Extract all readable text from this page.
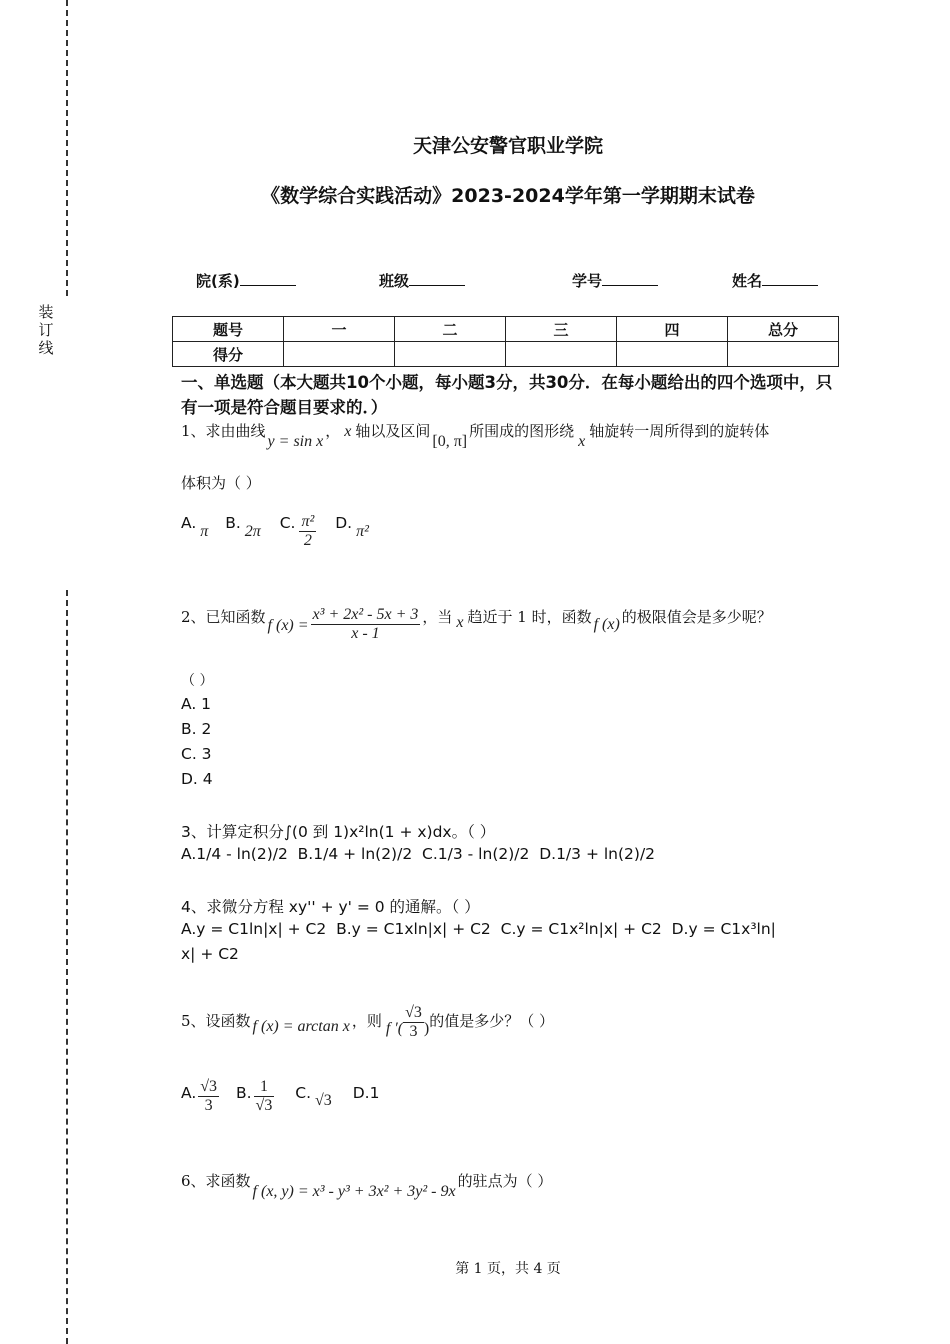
装
订
线
天津公安警官职业学院
《数学综合实践活动》2023-2024学年第一学期期末试卷
院(系)	班级	学号	姓名
题号	一	二	三	四	总分
得分					
一、单选题（本大题共10个小题，每小题3分，共30分．在每小题给出的四个选项中，只有一项是符合题目要求的．）
1、求由曲线y = sin x， x 轴以及区间[0, π]所围成的图形绕x轴旋转一周所得到的旋转体
体积为（ ）
A. π B. 2π C. $\frac{\text{π²}}{2} D$. π²
2、已知函数 f $(x) = \frac{\text{x³ + 2x² - 5x + 3}}{x - 1}$ ，当 x 趋近于 1 时，函数 f (x) 的极限值会是多少呢？
（ ）
A. 1
B. 2
C. 3
D. 4
3、计算定积分∫(0 到 1)x²ln(1 + x)dx。（ ）
A.1/4 - ln(2)/2  B.1/4 + ln(2)/2  C.1/3 - ln(2)/2  D.1/3 + ln(2)/2
4、求微分方程 xy'' + y' = 0 的通解。（ ）
A.y = C1ln|x| + C2  B.y = C1xln|x| + C2  C.y = C1x²ln|x| + C2  D.y = C1x³ln|
x| + C2
5、设函数 f (x) = arctan x ，则 f ′( $\frac{√3}{3}$ )的值是多少？（ ）
A. $\frac{√3}{3} B$. $\frac{1}{√3} C$. √3 D.1
6、求函数f (x, y) = x³ - y³ + 3x² + 3y² - 9x的驻点为（ ）
第 1 页，共 4 页
